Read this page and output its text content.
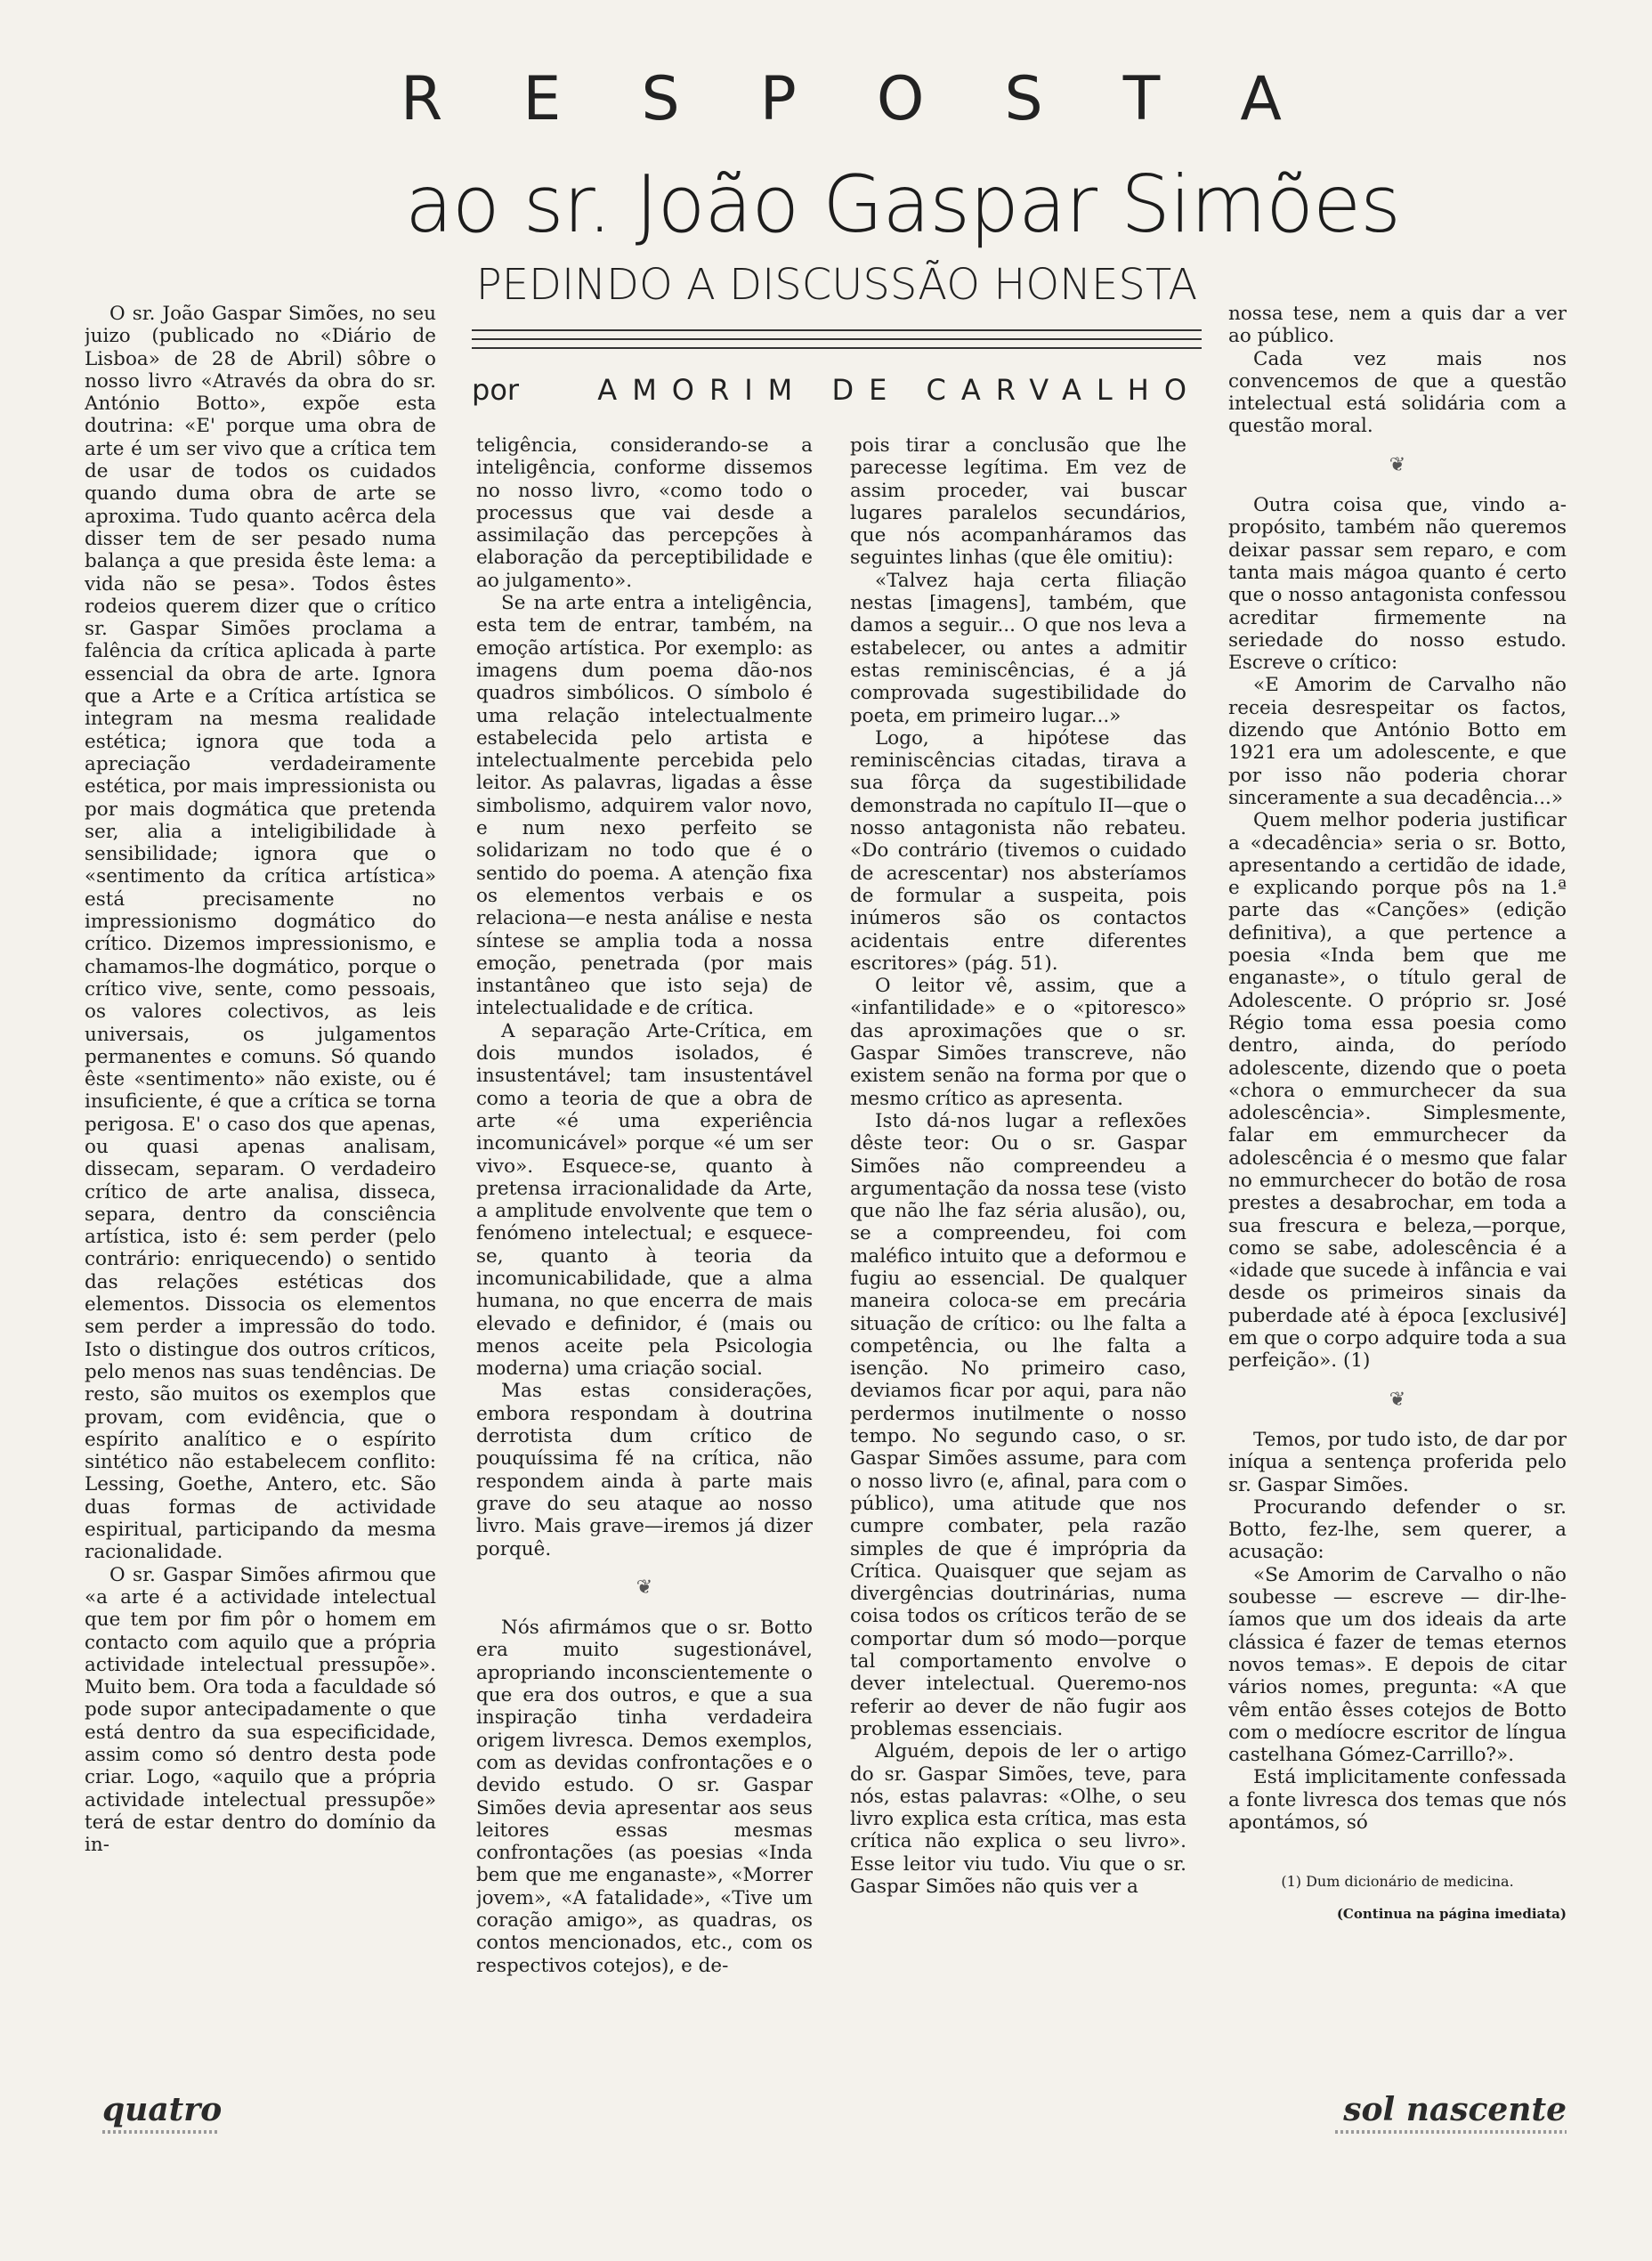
R E S P O S T A
ao sr. João Gaspar Simões
PEDINDO A DISCUSSÃO HONESTA
por	AMORIM DE CARVALHO

O sr. João Gaspar Simões, no seu juizo (publicado no «Diário de Lisboa» de 28 de Abril) sôbre o nosso livro «Através da obra do sr. António Botto», expõe esta doutrina: «E' porque uma obra de arte é um ser vivo que a crítica tem de usar de todos os cuidados quando duma obra de arte se aproxima. Tudo quanto acêrca dela disser tem de ser pesado numa balança a que presida êste lema: a vida não se pesa». Todos êstes rodeios querem dizer que o crítico sr. Gaspar Simões proclama a falência da crítica aplicada à parte essencial da obra de arte. Ignora que a Arte e a Crítica artística se integram na mesma realidade estética; ignora que toda a apreciação verdadeiramente estética, por mais impressionista ou por mais dogmática que pretenda ser, alia a inteligibilidade à sensibilidade; ignora que o «sentimento da crítica artística» está precisamente no impressionismo dogmático do crítico. Dizemos impressionismo, e chamamos-lhe dogmático, porque o crítico vive, sente, como pessoais, os valores colectivos, as leis universais, os julgamentos permanentes e comuns. Só quando êste «sentimento» não existe, ou é insuficiente, é que a crítica se torna perigosa. E' o caso dos que apenas, ou quasi apenas analisam, dissecam, separam. O verdadeiro crítico de arte analisa, disseca, separa, dentro da consciência artística, isto é: sem perder (pelo contrário: enriquecendo) o sentido das relações estéticas dos elementos. Dissocia os elementos sem perder a impressão do todo. Isto o distingue dos outros críticos, pelo menos nas suas tendências. De resto, são muitos os exemplos que provam, com evidência, que o espírito analítico e o espírito sintético não estabelecem conflito: Lessing, Goethe, Antero, etc. São duas formas de actividade espiritual, participando da mesma racionalidade.

O sr. Gaspar Simões afirmou que «a arte é a actividade intelectual que tem por fim pôr o homem em contacto com aquilo que a própria actividade intelectual pressupõe». Muito bem. Ora toda a faculdade só pode supor antecipadamente o que está dentro da sua especificidade, assim como só dentro desta pode criar. Logo, «aquilo que a própria actividade intelectual pressupõe» terá de estar dentro do domínio da in-

teligência, considerando-se a inteligência, conforme dissemos no nosso livro, «como todo o processus que vai desde a assimilação das percepções à elaboração da perceptibilidade e ao julgamento».

Se na arte entra a inteligência, esta tem de entrar, também, na emoção artística. Por exemplo: as imagens dum poema dão-nos quadros simbólicos. O símbolo é uma relação intelectualmente estabelecida pelo artista e intelectualmente percebida pelo leitor. As palavras, ligadas a êsse simbolismo, adquirem valor novo, e num nexo perfeito se solidarizam no todo que é o sentido do poema. A atenção fixa os elementos verbais e os relaciona—e nesta análise e nesta síntese se amplia toda a nossa emoção, penetrada (por mais instantâneo que isto seja) de intelectualidade e de crítica.

A separação Arte-Crítica, em dois mundos isolados, é insustentável; tam insustentável como a teoria de que a obra de arte «é uma experiência incomunicável» porque «é um ser vivo». Esquece-se, quanto à pretensa irracionalidade da Arte, a amplitude envolvente que tem o fenómeno intelectual; e esquece-se, quanto à teoria da incomunicabilidade, que a alma humana, no que encerra de mais elevado e definidor, é (mais ou menos aceite pela Psicologia moderna) uma criação social.

Mas estas considerações, embora respondam à doutrina derrotista dum crítico de pouquíssima fé na crítica, não respondem ainda à parte mais grave do seu ataque ao nosso livro. Mais grave—iremos já dizer porquê.

❦

Nós afirmámos que o sr. Botto era muito sugestionável, apropriando inconscientemente o que era dos outros, e que a sua inspiração tinha verdadeira origem livresca. Demos exemplos, com as devidas confrontações e o devido estudo. O sr. Gaspar Simões devia apresentar aos seus leitores essas mesmas confrontações (as poesias «Inda bem que me enganaste», «Morrer jovem», «A fatalidade», «Tive um coração amigo», as quadras, os contos mencionados, etc., com os respectivos cotejos), e de-

pois tirar a conclusão que lhe parecesse legítima. Em vez de assim proceder, vai buscar lugares paralelos secundários, que nós acompanháramos das seguintes linhas (que êle omitiu):

«Talvez haja certa filiação nestas [imagens], também, que damos a seguir... O que nos leva a estabelecer, ou antes a admitir estas reminiscências, é a já comprovada sugestibilidade do poeta, em primeiro lugar...»

Logo, a hipótese das reminiscências citadas, tirava a sua fôrça da sugestibilidade demonstrada no capítulo II—que o nosso antagonista não rebateu. «Do contrário (tivemos o cuidado de acrescentar) nos absteríamos de formular a suspeita, pois inúmeros são os contactos acidentais entre diferentes escritores» (pág. 51).

O leitor vê, assim, que a «infantilidade» e o «pitoresco» das aproximações que o sr. Gaspar Simões transcreve, não existem senão na forma por que o mesmo crítico as apresenta.

Isto dá-nos lugar a reflexões dêste teor: Ou o sr. Gaspar Simões não compreendeu a argumentação da nossa tese (visto que não lhe faz séria alusão), ou, se a compreendeu, foi com maléfico intuito que a deformou e fugiu ao essencial. De qualquer maneira coloca-se em precária situação de crítico: ou lhe falta a competência, ou lhe falta a isenção. No primeiro caso, deviamos ficar por aqui, para não perdermos inutilmente o nosso tempo. No segundo caso, o sr. Gaspar Simões assume, para com o nosso livro (e, afinal, para com o público), uma atitude que nos cumpre combater, pela razão simples de que é imprópria da Crítica. Quaisquer que sejam as divergências doutrinárias, numa coisa todos os críticos terão de se comportar dum só modo—porque tal comportamento envolve o dever intelectual. Queremo-nos referir ao dever de não fugir aos problemas essenciais.

Alguém, depois de ler o artigo do sr. Gaspar Simões, teve, para nós, estas palavras: «Olhe, o seu livro explica esta crítica, mas esta crítica não explica o seu livro». Esse leitor viu tudo. Viu que o sr. Gaspar Simões não quis ver a

nossa tese, nem a quis dar a ver ao público.

Cada vez mais nos convencemos de que a questão intelectual está solidária com a questão moral.

❦

Outra coisa que, vindo a-propósito, também não queremos deixar passar sem reparo, e com tanta mais mágoa quanto é certo que o nosso antagonista confessou acreditar firmemente na seriedade do nosso estudo. Escreve o crítico:

«E Amorim de Carvalho não receia desrespeitar os factos, dizendo que António Botto em 1921 era um adolescente, e que por isso não poderia chorar sinceramente a sua decadência...»

Quem melhor poderia justificar a «decadência» seria o sr. Botto, apresentando a certidão de idade, e explicando porque pôs na 1.ª parte das «Canções» (edição definitiva), a que pertence a poesia «Inda bem que me enganaste», o título geral de Adolescente. O próprio sr. José Régio toma essa poesia como dentro, ainda, do período adolescente, dizendo que o poeta «chora o emmurchecer da sua adolescência». Simplesmente, falar em emmurchecer da adolescência é o mesmo que falar no emmurchecer do botão de rosa prestes a desabrochar, em toda a sua frescura e beleza,—porque, como se sabe, adolescência é a «idade que sucede à infância e vai desde os primeiros sinais da puberdade até à época [exclusivé] em que o corpo adquire toda a sua perfeição». (1)

❦

Temos, por tudo isto, de dar por iníqua a sentença proferida pelo sr. Gaspar Simões.

Procurando defender o sr. Botto, fez-lhe, sem querer, a acusação:

«Se Amorim de Carvalho o não soubesse — escreve — dir-lhe-íamos que um dos ideais da arte clássica é fazer de temas eternos novos temas». E depois de citar vários nomes, pregunta: «A que vêm então êsses cotejos de Botto com o medíocre escritor de língua castelhana Gómez-Carrillo?».

Está implicitamente confessada a fonte livresca dos temas que nós apontámos, só

(1) Dum dicionário de medicina.

(Continua na página imediata)

quatro	sol nascente
